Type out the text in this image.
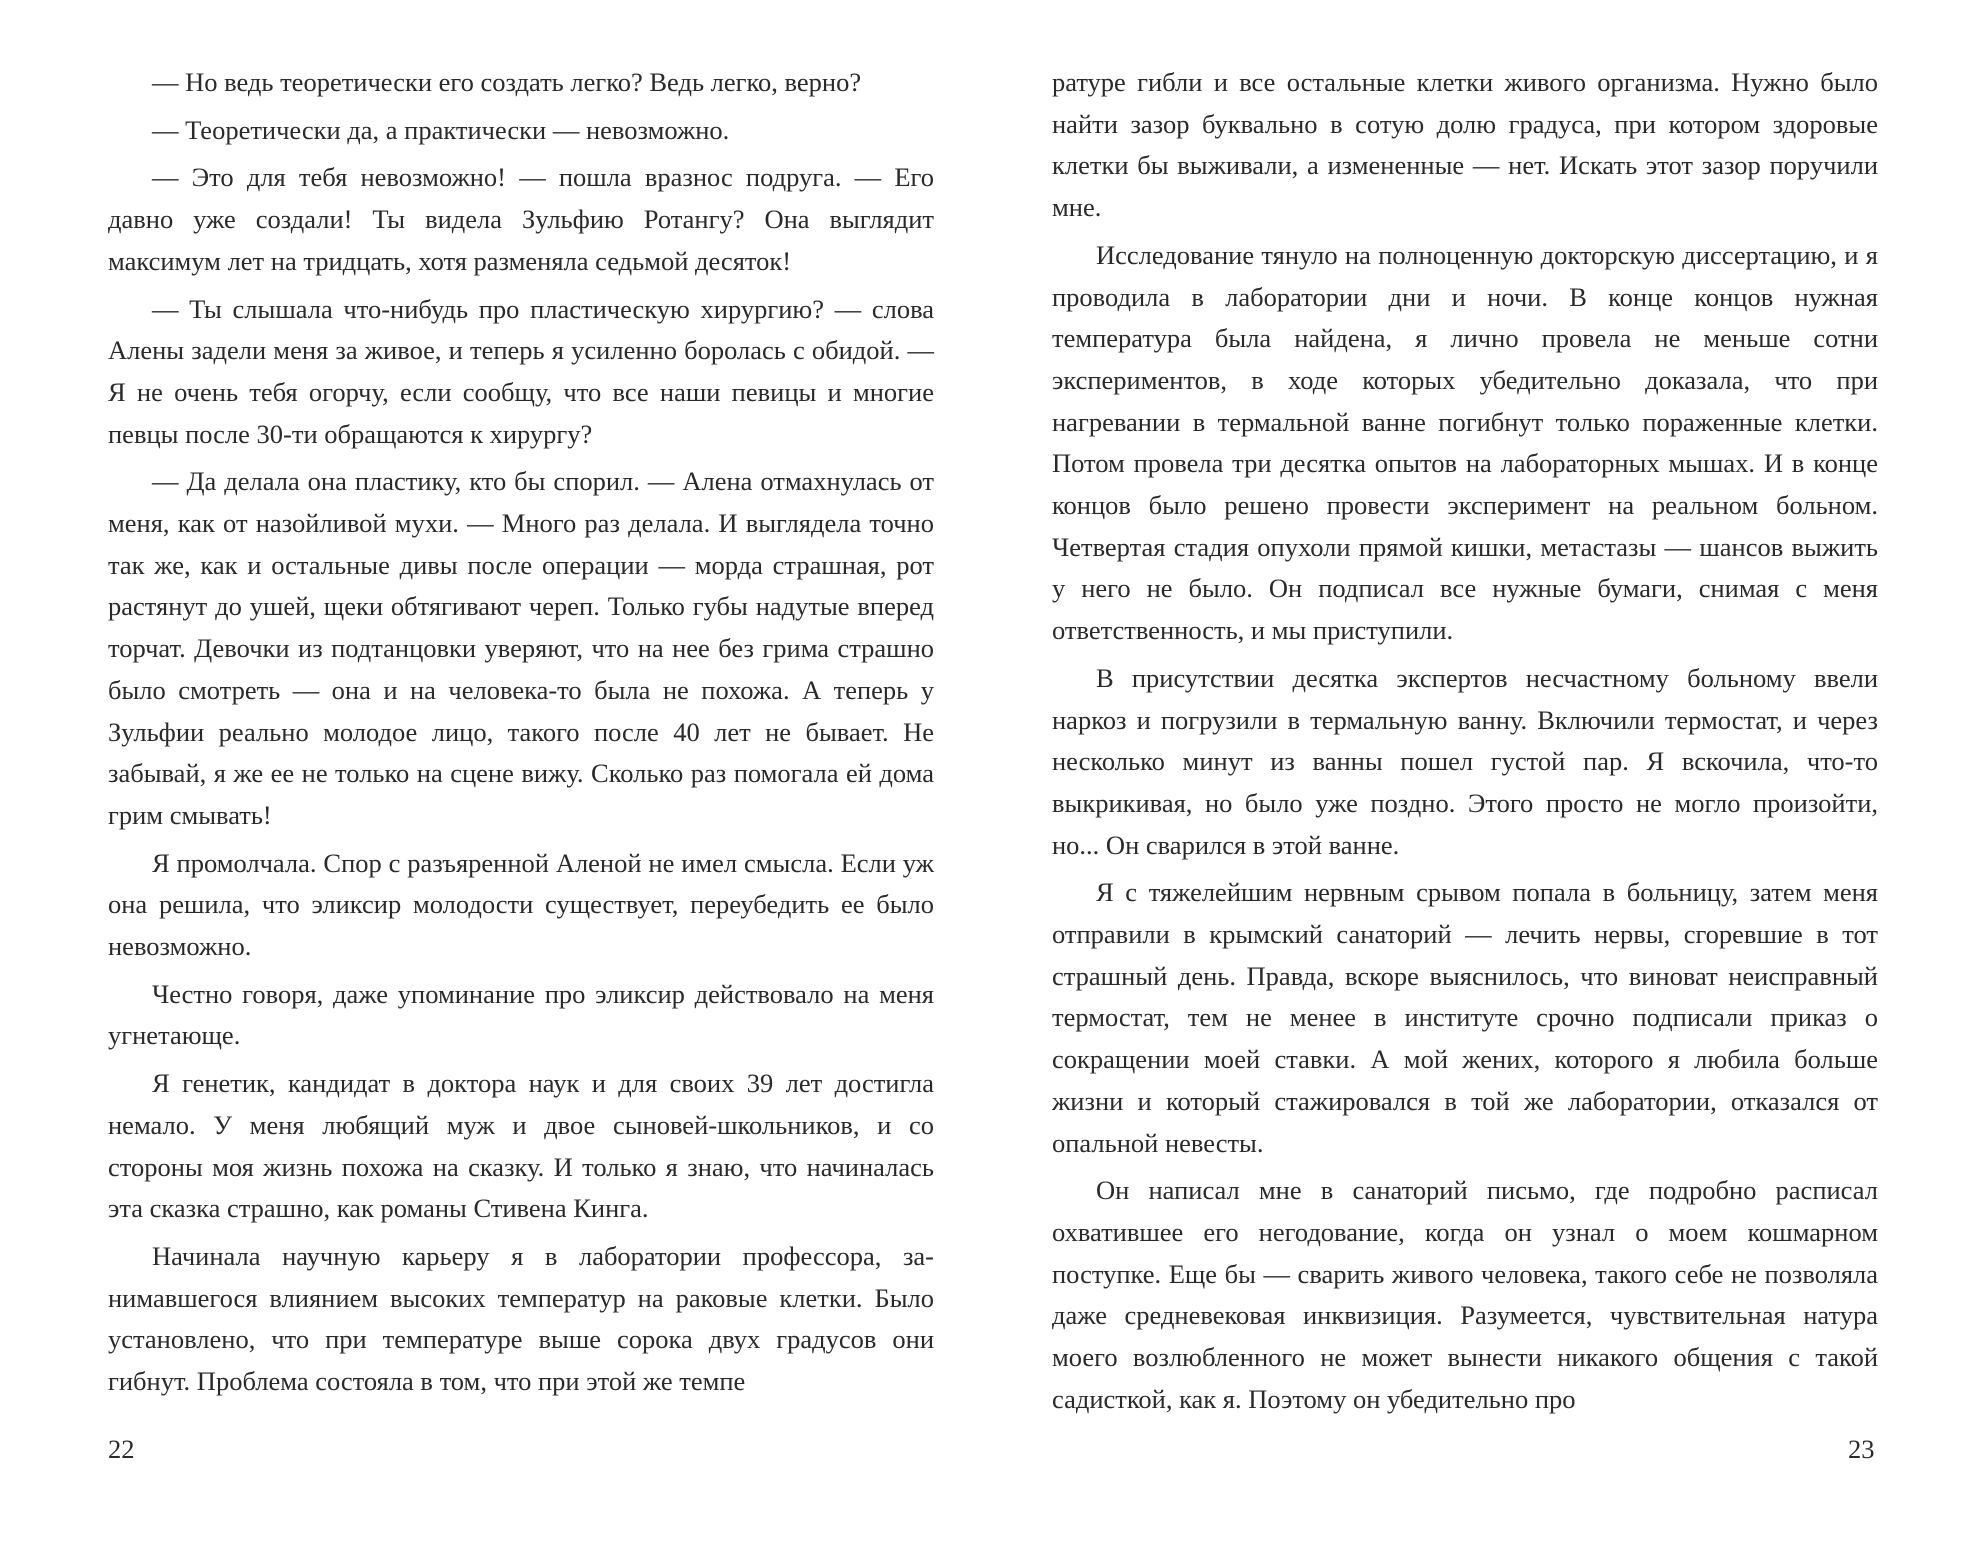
— Но ведь теоретически его создать легко? Ведь легко, верно?

— Теоретически да, а практически — невозможно.

— Это для тебя невозможно! — пошла вразнос подруга. — Его давно уже создали! Ты видела Зульфию Ротангу? Она выглядит максимум лет на тридцать, хотя разменяла седьмой десяток!

— Ты слышала что-нибудь про пластическую хирургию? — слова Алены задели меня за живое, и теперь я усиленно боролась с обидой. — Я не очень тебя огорчу, если сообщу, что все наши певицы и многие певцы после 30-ти обращаются к хирургу?

— Да делала она пластику, кто бы спорил. — Алена отмахнулась от меня, как от назойливой мухи. — Много раз делала. И выглядела точно так же, как и остальные дивы после операции — морда страшная, рот растянут до ушей, щеки обтягивают череп. Только губы надутые вперед торчат. Девочки из подтанцовки уверяют, что на нее без грима страшно было смотреть — она и на человека-то была не похожа. А теперь у Зульфии реально молодое лицо, такого после 40 лет не бывает. Не забывай, я же ее не только на сцене вижу. Сколько раз помогала ей дома грим смывать!

Я промолчала. Спор с разъяренной Аленой не имел смысла. Если уж она решила, что эликсир молодости существует, переубедить ее было невозможно.

Честно говоря, даже упоминание про эликсир действовало на меня угнетающе.

Я генетик, кандидат в доктора наук и для своих 39 лет достигла немало. У меня любящий муж и двое сыновей-школьников, и со стороны моя жизнь похожа на сказку. И только я знаю, что начиналась эта сказка страшно, как романы Стивена Кинга.

Начинала научную карьеру я в лаборатории профессора, занимавшегося влиянием высоких температур на раковые клетки. Было установлено, что при температуре выше сорока двух градусов они гибнут. Проблема состояла в том, что при этой же темпе

22

ратуре гибли и все остальные клетки живого организма. Нужно было найти зазор буквально в сотую долю градуса, при котором здоровые клетки бы выживали, а измененные — нет. Искать этот зазор поручили мне.

Исследование тянуло на полноценную докторскую диссертацию, и я проводила в лаборатории дни и ночи. В конце концов нужная температура была найдена, я лично провела не меньше сотни экспериментов, в ходе которых убедительно доказала, что при нагревании в термальной ванне погибнут только пораженные клетки. Потом провела три десятка опытов на лабораторных мышах. И в конце концов было решено провести эксперимент на реальном больном. Четвертая стадия опухоли прямой кишки, метастазы — шансов выжить у него не было. Он подписал все нужные бумаги, снимая с меня ответственность, и мы приступили.

В присутствии десятка экспертов несчастному больному ввели наркоз и погрузили в термальную ванну. Включили термостат, и через несколько минут из ванны пошел густой пар. Я вскочила, что-то выкрикивая, но было уже поздно. Этого просто не могло произойти, но... Он сварился в этой ванне.

Я с тяжелейшим нервным срывом попала в больницу, затем меня отправили в крымский санаторий — лечить нервы, сгоревшие в тот страшный день. Правда, вскоре выяснилось, что виноват неисправный термостат, тем не менее в институте срочно подписали приказ о сокращении моей ставки. А мой жених, которого я любила больше жизни и который стажировался в той же лаборатории, отказался от опальной невесты.

Он написал мне в санаторий письмо, где подробно расписал охватившее его негодование, когда он узнал о моем кошмарном поступке. Еще бы — сварить живого человека, такого себе не позволяла даже средневековая инквизиция. Разумеется, чувствительная натура моего возлюбленного не может вынести никакого общения с такой садисткой, как я. Поэтому он убедительно про

23
